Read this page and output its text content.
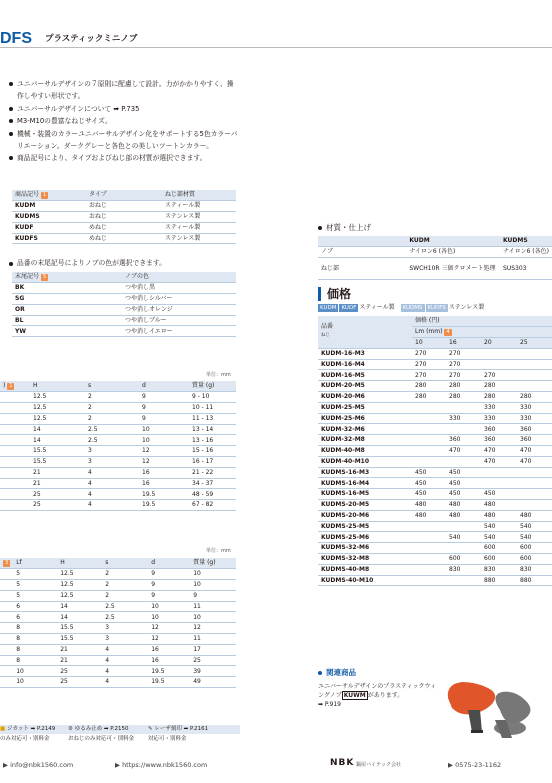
DFS プラスティックミニノブ
ユニバーサルデザインの７原則に配慮して設計。力がかかりやすく、操作しやすい形状です。
ユニバーサルデザインについて ➡ P.735
M3-M10の豊富なねじサイズ。
機械・装置のカラーユニバーサルデザイン化をサポートする5色カラーバリエーション。ダークグレーと各色との美しいツートンカラー。
商品記号により、タイプおよびねじ部の材質が選択できます。
商品記号 1	タイプ	ねじ部材質
KUDM	おねじ	スティール製
KUDMS	おねじ	ステンレス製
KUDF	めねじ	スティール製
KUDFS	めねじ	ステンレス製
品番の末尾記号によりノブの色が選択できます。
末尾記号 5	ノブの色
BK	つや消し黒
SG	つや消しシルバー
OR	つや消しオレンジ
BL	つや消しブルー
YW	つや消しイエロー
単位：mm
) 1	H	s	d	質量 (g)
	12.5	2	9	9 - 10
	12.5	2	9	10 - 11
	12.5	2	9	11 - 13
	14	2.5	10	13 - 14
	14	2.5	10	13 - 16
	15.5	3	12	15 - 16
	15.5	3	12	16 - 17
	21	4	16	21 - 22
	21	4	16	34 - 37
	25	4	19.5	48 - 59
	25	4	19.5	67 - 82
単位：mm
3	Lf	H	s	d	質量 (g)
	5	12.5	2	9	10
	5	12.5	2	9	10
	5	12.5	2	9	9
	6	14	2.5	10	11
	6	14	2.5	10	10
	8	15.5	3	12	12
	8	15.5	3	12	11
	8	21	4	16	17
	8	21	4	16	25
	10	25	4	19.5	39
	10	25	4	19.5	49
■ ジカット ➡ P.2149
のみ対応可・別料金
⚙ ゆるみ止め ➡ P.2150
おねじのみ対応可・別料金
✎ レーザ刻印 ➡ P.2161
対応可・別料金
材質・仕上げ
	KUDM	KUDMS
ノブ	ナイロン6 (各色)	ナイロン6 (各色)
ねじ部	SWCH10R 三価クロメート処理	SUS303
価格
KUDM KUDF スティール製 KUDMS KUDFS ステンレス製
品番
ねじ	価格 (円)			
	Lm (mm) 4			
	10	16	20	25
KUDM-16-M3	270	270		
KUDM-16-M4	270	270		
KUDM-16-M5	270	270	270	
KUDM-20-M5	280	280	280	
KUDM-20-M6	280	280	280	280
KUDM-25-M5			330	330
KUDM-25-M6		330	330	330
KUDM-32-M6			360	360
KUDM-32-M8		360	360	360
KUDM-40-M8		470	470	470
KUDM-40-M10			470	470
KUDMS-16-M3	450	450		
KUDMS-16-M4	450	450		
KUDMS-16-M5	450	450	450	
KUDMS-20-M5	480	480	480	
KUDMS-20-M6	480	480	480	480
KUDMS-25-M5			540	540
KUDMS-25-M6		540	540	540
KUDMS-32-M6			600	600
KUDMS-32-M8		600	600	600
KUDMS-40-M8		830	830	830
KUDMS-40-M10			880	880
関連商品
ユニバーサルデザインのプラスティックウィングノブ KUWM があります。
➡ P.919
▶ info@nbk1560.com	▶ https://www.nbk1560.com	NBK 鍋屋バイテック会社	▶ 0575-23-1162
